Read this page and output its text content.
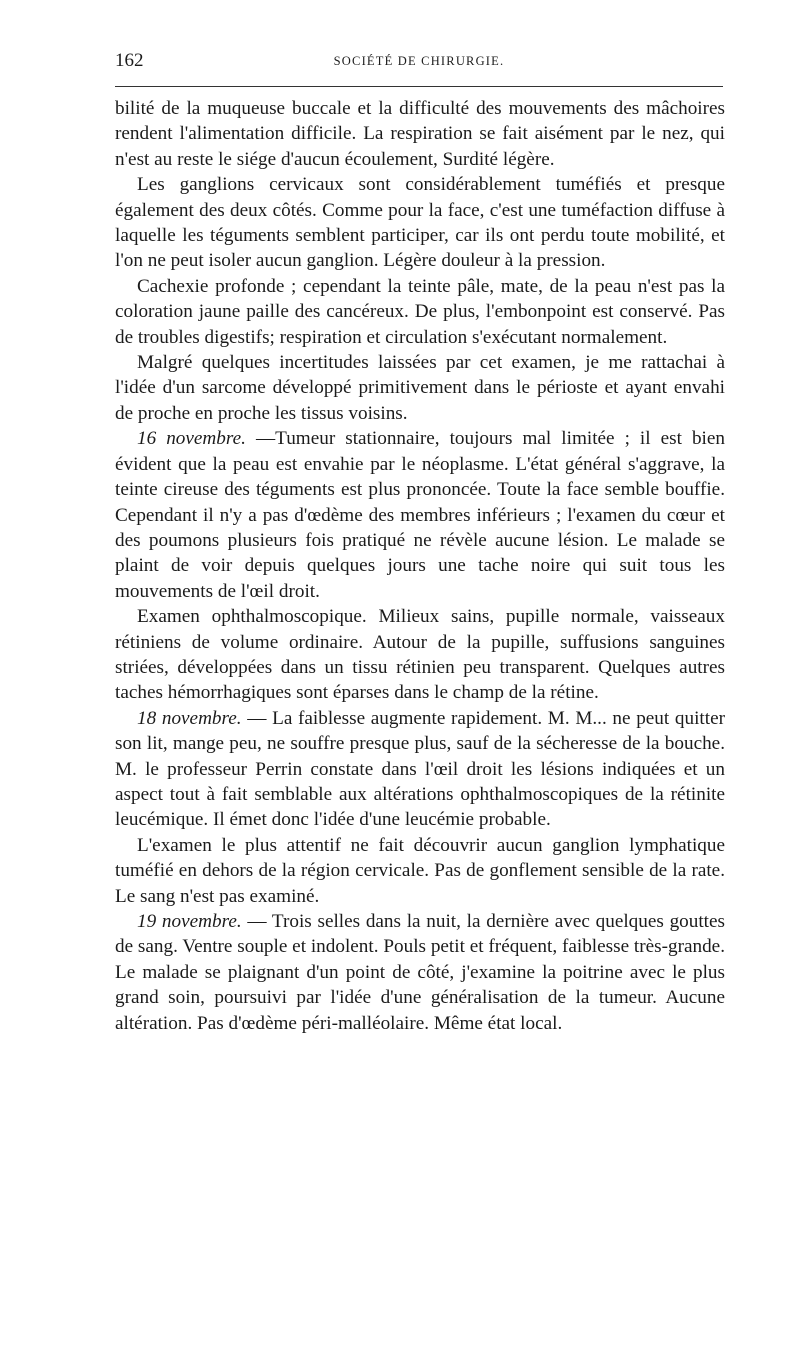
162	SOCIÉTÉ DE CHIRURGIE.

bilité de la muqueuse buccale et la difficulté des mouvements des mâchoires rendent l'alimentation difficile. La respiration se fait aisément par le nez, qui n'est au reste le siége d'aucun écoulement, Surdité légère.

Les ganglions cervicaux sont considérablement tuméfiés et presque également des deux côtés. Comme pour la face, c'est une tuméfaction diffuse à laquelle les téguments semblent participer, car ils ont perdu toute mobilité, et l'on ne peut isoler aucun ganglion. Légère douleur à la pression.

Cachexie profonde ; cependant la teinte pâle, mate, de la peau n'est pas la coloration jaune paille des cancéreux. De plus, l'embonpoint est conservé. Pas de troubles digestifs; respiration et circulation s'exécutant normalement.

Malgré quelques incertitudes laissées par cet examen, je me rattachai à l'idée d'un sarcome développé primitivement dans le périoste et ayant envahi de proche en proche les tissus voisins.

16 novembre. —Tumeur stationnaire, toujours mal limitée ; il est bien évident que la peau est envahie par le néoplasme. L'état général s'aggrave, la teinte cireuse des téguments est plus prononcée. Toute la face semble bouffie. Cependant il n'y a pas d'œdème des membres inférieurs ; l'examen du cœur et des poumons plusieurs fois pratiqué ne révèle aucune lésion. Le malade se plaint de voir depuis quelques jours une tache noire qui suit tous les mouvements de l'œil droit.

Examen ophthalmoscopique. Milieux sains, pupille normale, vaisseaux rétiniens de volume ordinaire. Autour de la pupille, suffusions sanguines striées, développées dans un tissu rétinien peu transparent. Quelques autres taches hémorrhagiques sont éparses dans le champ de la rétine.

18 novembre. — La faiblesse augmente rapidement. M. M... ne peut quitter son lit, mange peu, ne souffre presque plus, sauf de la sécheresse de la bouche. M. le professeur Perrin constate dans l'œil droit les lésions indiquées et un aspect tout à fait semblable aux altérations ophthalmoscopiques de la rétinite leucémique. Il émet donc l'idée d'une leucémie probable.

L'examen le plus attentif ne fait découvrir aucun ganglion lymphatique tuméfié en dehors de la région cervicale. Pas de gonflement sensible de la rate. Le sang n'est pas examiné.

19 novembre. — Trois selles dans la nuit, la dernière avec quelques gouttes de sang. Ventre souple et indolent. Pouls petit et fréquent, faiblesse très-grande. Le malade se plaignant d'un point de côté, j'examine la poitrine avec le plus grand soin, poursuivi par l'idée d'une généralisation de la tumeur. Aucune altération. Pas d'œdème péri-malléolaire. Même état local.
